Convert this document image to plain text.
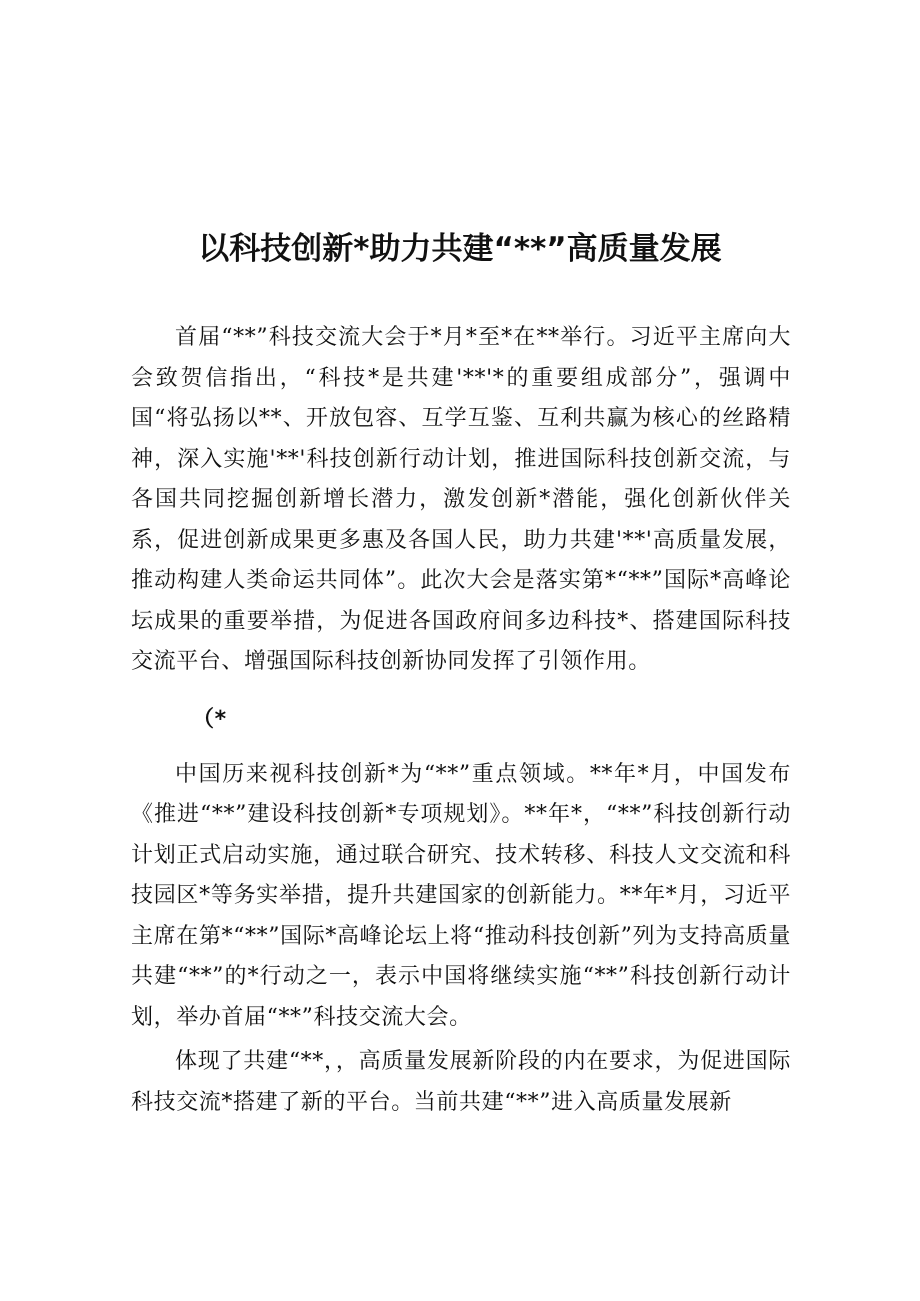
以科技创新*助力共建“**”高质量发展

首届“**”科技交流大会于*月*至*在**举行。习近平主席向大会致贺信指出，“科技*是共建'**'*的重要组成部分”，强调中国“将弘扬以**、开放包容、互学互鉴、互利共赢为核心的丝路精神，深入实施'**'科技创新行动计划，推进国际科技创新交流，与各国共同挖掘创新增长潜力，激发创新*潜能，强化创新伙伴关系，促进创新成果更多惠及各国人民，助力共建'**'高质量发展，推动构建人类命运共同体”。此次大会是落实第*“**”国际*高峰论坛成果的重要举措，为促进各国政府间多边科技*、搭建国际科技交流平台、增强国际科技创新协同发挥了引领作用。

（*

中国历来视科技创新*为“**”重点领域。**年*月，中国发布《推进“**”建设科技创新*专项规划》。**年*，“**”科技创新行动计划正式启动实施，通过联合研究、技术转移、科技人文交流和科技园区*等务实举措，提升共建国家的创新能力。**年*月，习近平主席在第*“**”国际*高峰论坛上将“推动科技创新”列为支持高质量共建“**”的*行动之一，表示中国将继续实施“**”科技创新行动计划，举办首届“**”科技交流大会。

体现了共建“**，，高质量发展新阶段的内在要求，为促进国际科技交流*搭建了新的平台。当前共建“**”进入高质量发展新
